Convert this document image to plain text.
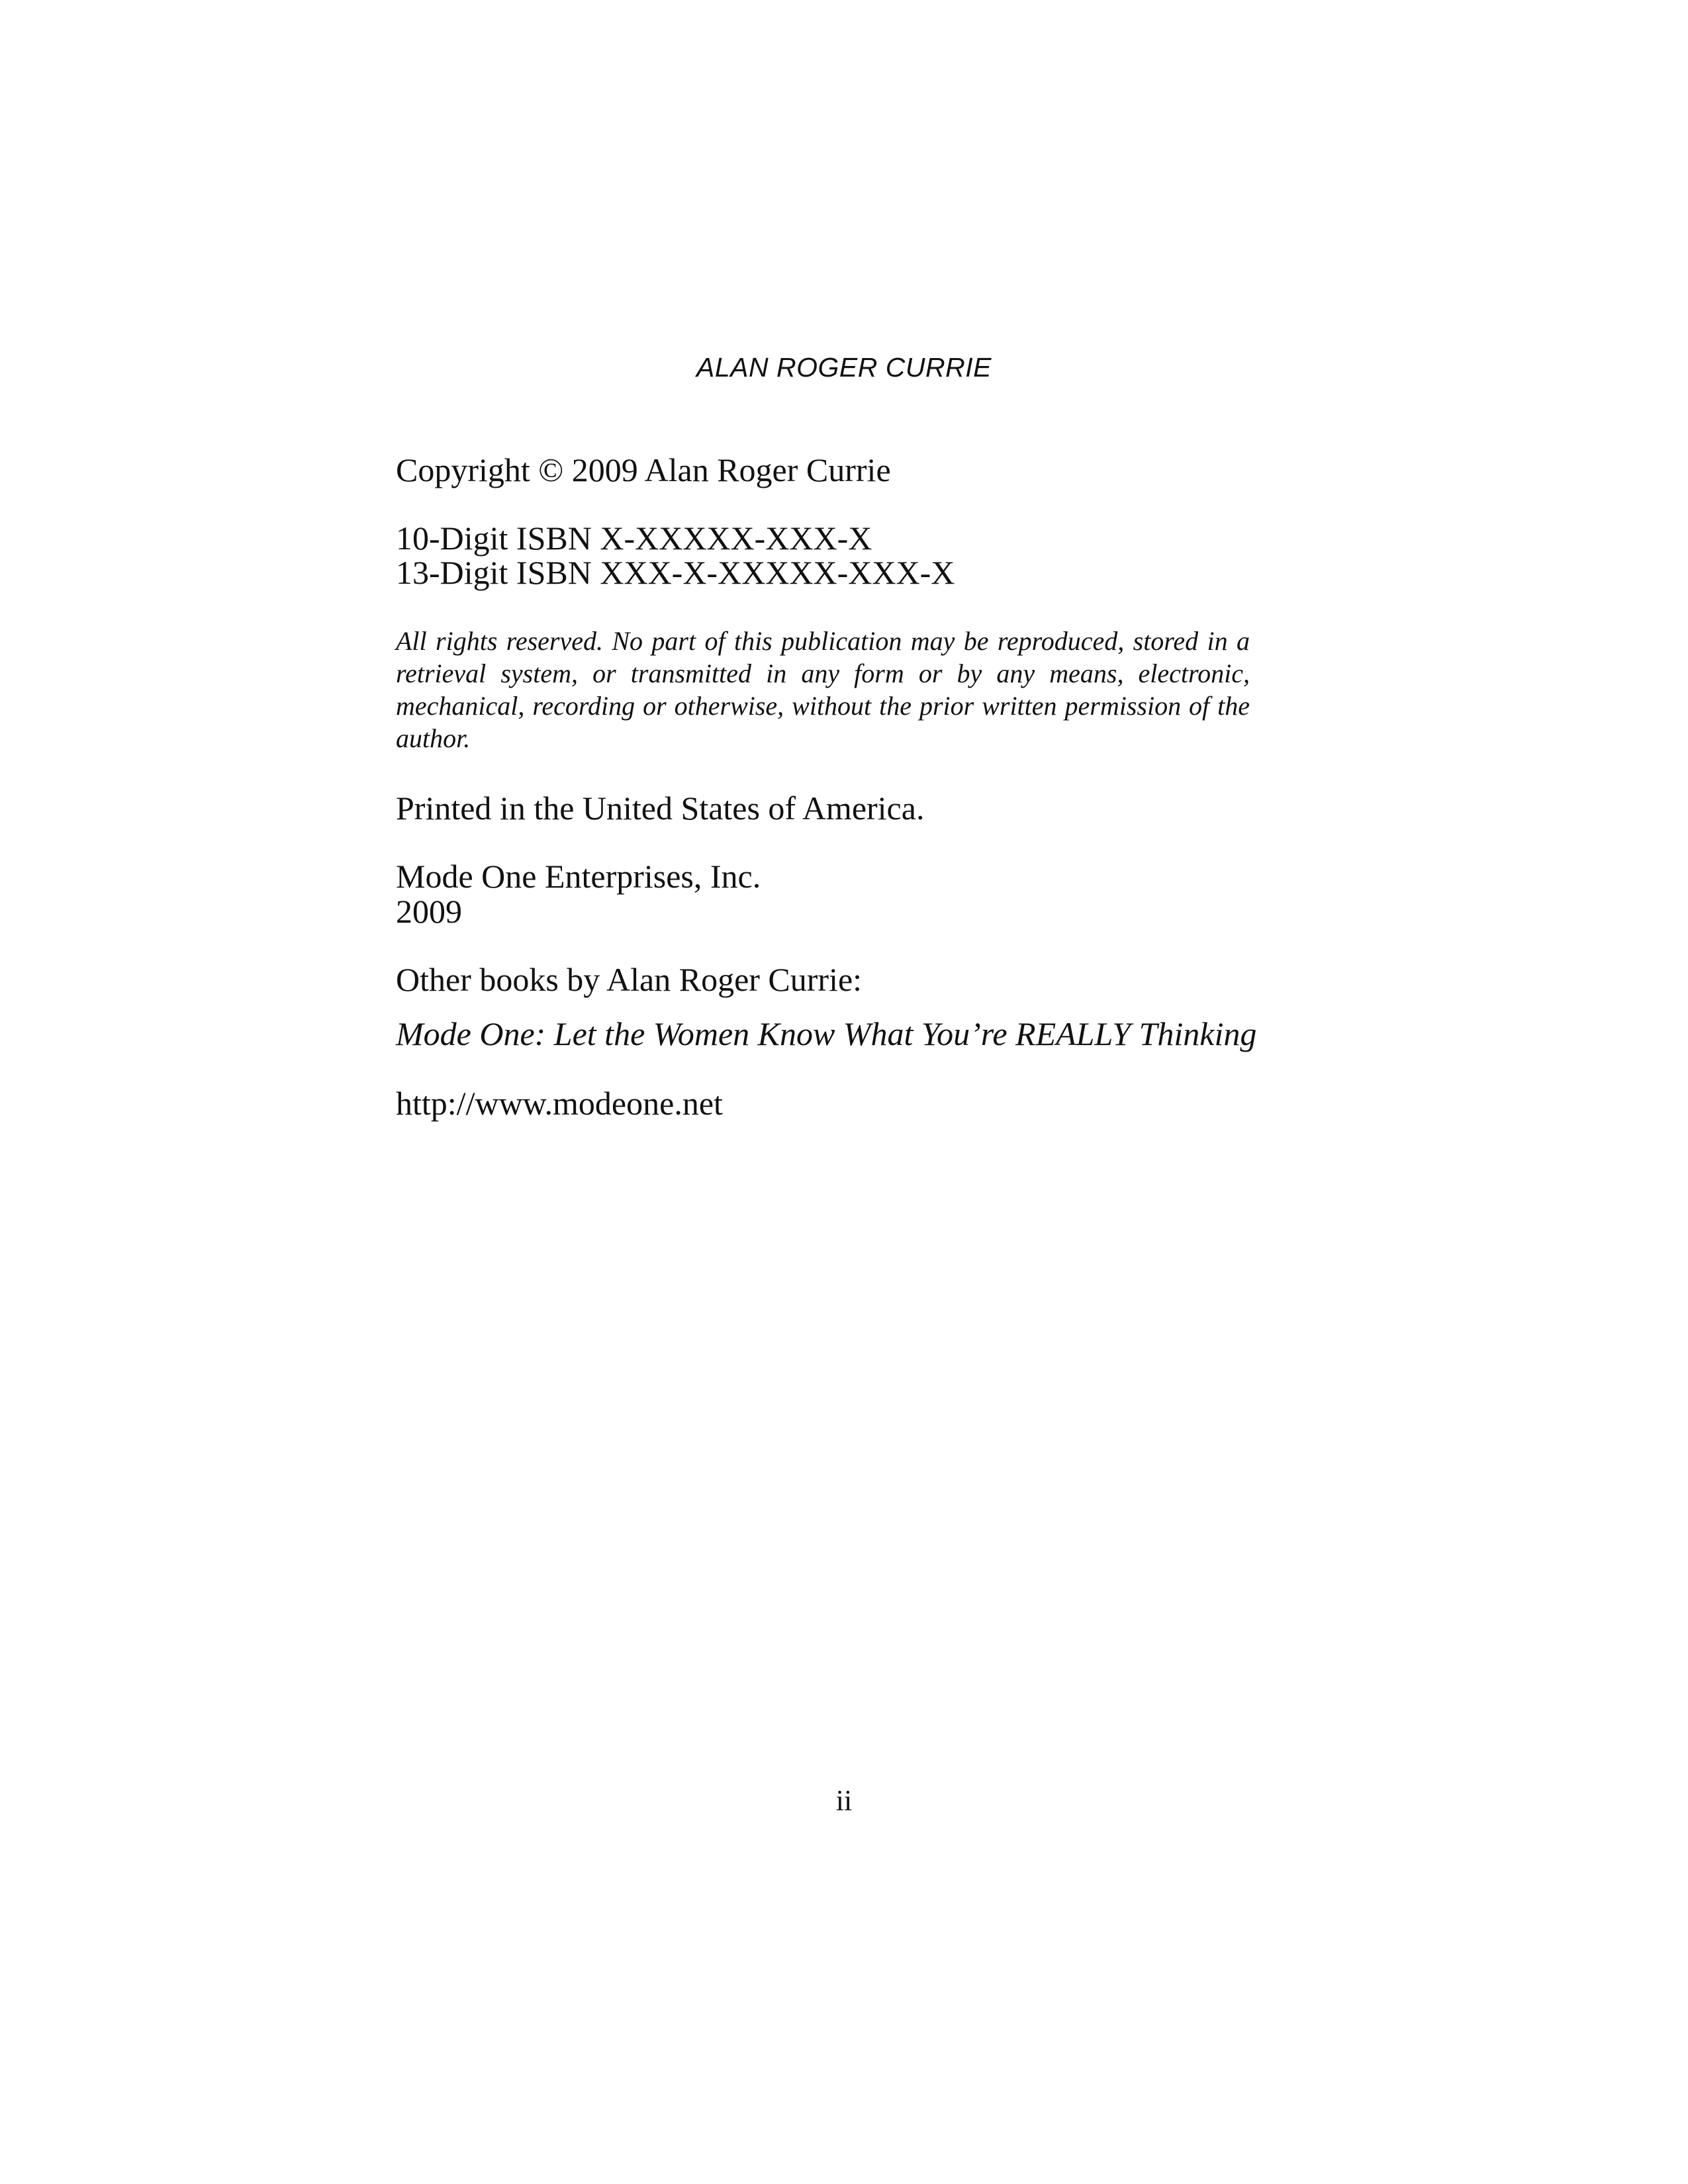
ALAN ROGER CURRIE
Copyright © 2009 Alan Roger Currie
10-Digit ISBN X-XXXXX-XXX-X
13-Digit ISBN XXX-X-XXXXX-XXX-X
All rights reserved. No part of this publication may be reproduced, stored in a retrieval system, or transmitted in any form or by any means, electronic, mechanical, recording or otherwise, without the prior written permission of the author.
Printed in the United States of America.
Mode One Enterprises, Inc.
2009
Other books by Alan Roger Currie:
Mode One: Let the Women Know What You’re REALLY Thinking
http://www.modeone.net
ii
